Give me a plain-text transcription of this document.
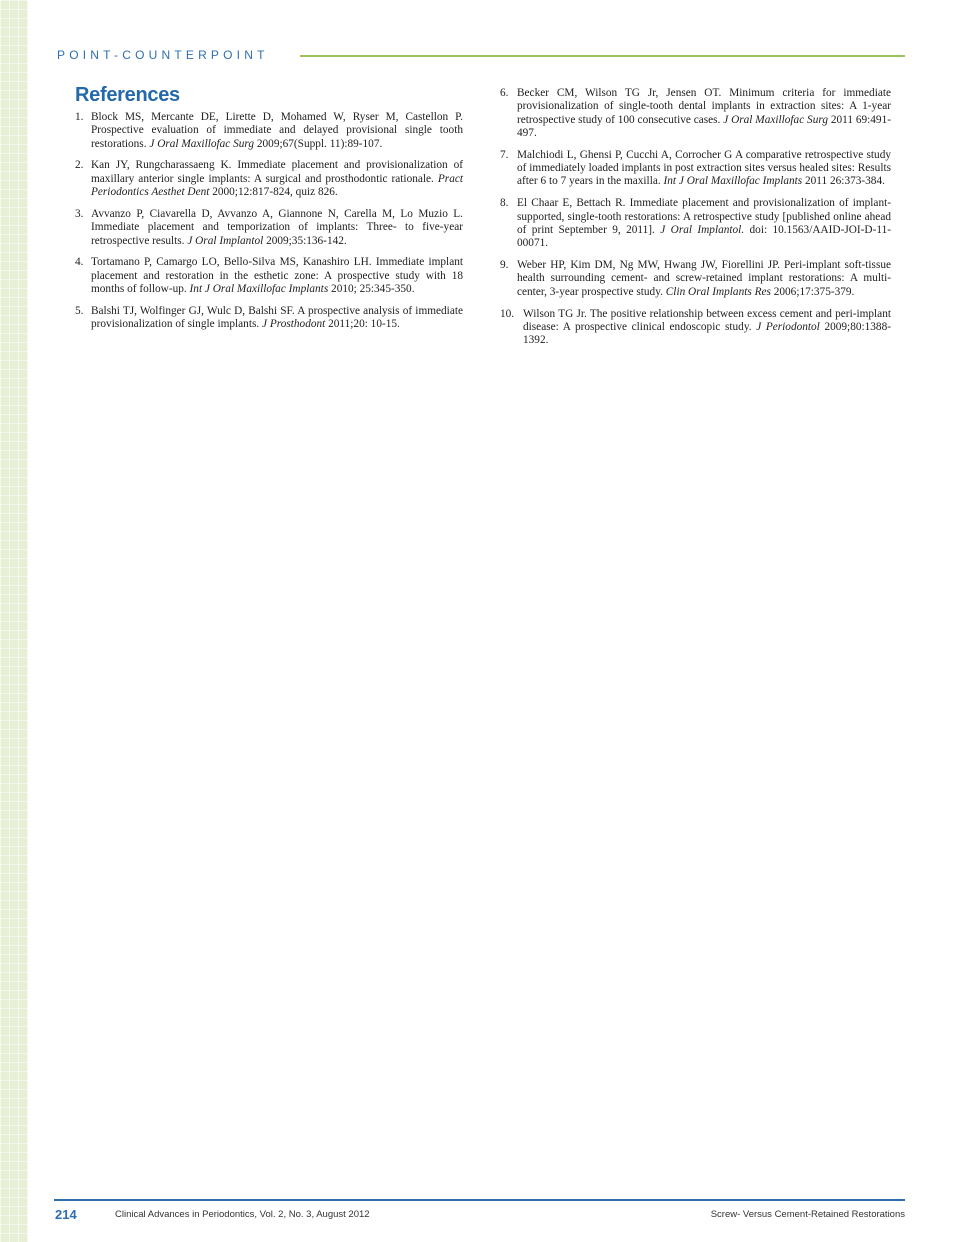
POINT-COUNTERPOINT
References
1. Block MS, Mercante DE, Lirette D, Mohamed W, Ryser M, Castellon P. Prospective evaluation of immediate and delayed provisional single tooth restorations. J Oral Maxillofac Surg 2009;67(Suppl. 11):89-107.
2. Kan JY, Rungcharassaeng K. Immediate placement and provisionalization of maxillary anterior single implants: A surgical and prosthodontic rationale. Pract Periodontics Aesthet Dent 2000;12:817-824, quiz 826.
3. Avvanzo P, Ciavarella D, Avvanzo A, Giannone N, Carella M, Lo Muzio L. Immediate placement and temporization of implants: Three- to five-year retrospective results. J Oral Implantol 2009;35:136-142.
4. Tortamano P, Camargo LO, Bello-Silva MS, Kanashiro LH. Immediate implant placement and restoration in the esthetic zone: A prospective study with 18 months of follow-up. Int J Oral Maxillofac Implants 2010; 25:345-350.
5. Balshi TJ, Wolfinger GJ, Wulc D, Balshi SF. A prospective analysis of immediate provisionalization of single implants. J Prosthodont 2011;20: 10-15.
6. Becker CM, Wilson TG Jr, Jensen OT. Minimum criteria for immediate provisionalization of single-tooth dental implants in extraction sites: A 1-year retrospective study of 100 consecutive cases. J Oral Maxillofac Surg 2011 69:491-497.
7. Malchiodi L, Ghensi P, Cucchi A, Corrocher G A comparative retrospective study of immediately loaded implants in post extraction sites versus healed sites: Results after 6 to 7 years in the maxilla. Int J Oral Maxillofac Implants 2011 26:373-384.
8. El Chaar E, Bettach R. Immediate placement and provisionalization of implant-supported, single-tooth restorations: A retrospective study [published online ahead of print September 9, 2011]. J Oral Implantol. doi: 10.1563/AAID-JOI-D-11-00071.
9. Weber HP, Kim DM, Ng MW, Hwang JW, Fiorellini JP. Peri-implant soft-tissue health surrounding cement- and screw-retained implant restorations: A multi-center, 3-year prospective study. Clin Oral Implants Res 2006;17:375-379.
10. Wilson TG Jr. The positive relationship between excess cement and peri-implant disease: A prospective clinical endoscopic study. J Periodontol 2009;80:1388-1392.
214	Clinical Advances in Periodontics, Vol. 2, No. 3, August 2012	Screw- Versus Cement-Retained Restorations
